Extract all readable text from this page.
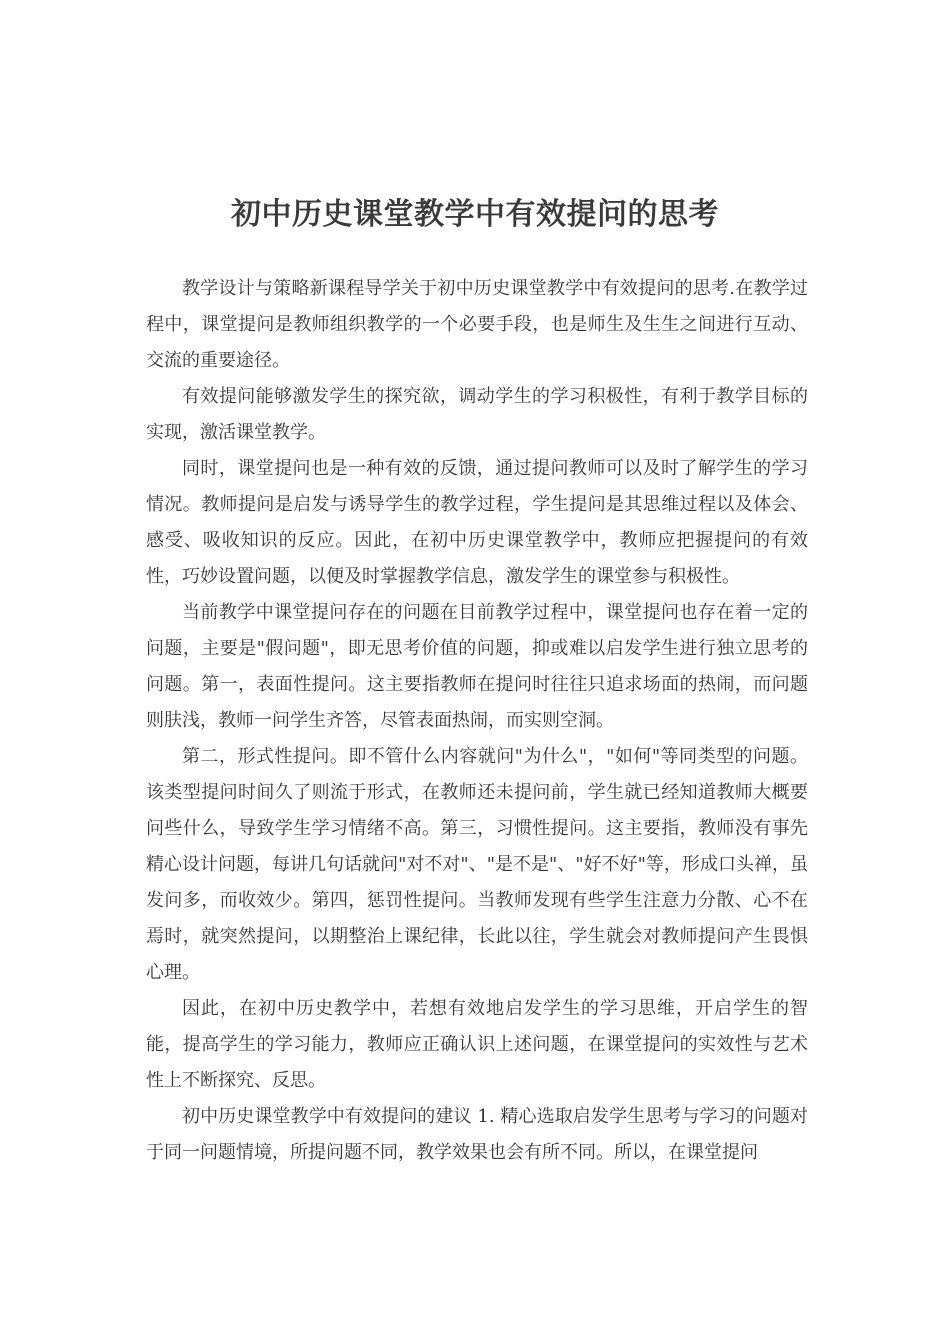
初中历史课堂教学中有效提问的思考

教学设计与策略新课程导学关于初中历史课堂教学中有效提问的思考.在教学过程中，课堂提问是教师组织教学的一个必要手段，也是师生及生生之间进行互动、交流的重要途径。

有效提问能够激发学生的探究欲，调动学生的学习积极性，有利于教学目标的实现，激活课堂教学。

同时，课堂提问也是一种有效的反馈，通过提问教师可以及时了解学生的学习情况。教师提问是启发与诱导学生的教学过程，学生提问是其思维过程以及体会、感受、吸收知识的反应。因此，在初中历史课堂教学中，教师应把握提问的有效性，巧妙设置问题，以便及时掌握教学信息，激发学生的课堂参与积极性。

当前教学中课堂提问存在的问题在目前教学过程中，课堂提问也存在着一定的问题，主要是"假问题"，即无思考价值的问题，抑或难以启发学生进行独立思考的问题。第一，表面性提问。这主要指教师在提问时往往只追求场面的热闹，而问题则肤浅，教师一问学生齐答，尽管表面热闹，而实则空洞。

第二，形式性提问。即不管什么内容就问"为什么"，"如何"等同类型的问题。该类型提问时间久了则流于形式，在教师还未提问前，学生就已经知道教师大概要问些什么，导致学生学习情绪不高。第三，习惯性提问。这主要指，教师没有事先精心设计问题，每讲几句话就问"对不对"、"是不是"、"好不好"等，形成口头禅，虽发问多，而收效少。第四，惩罚性提问。当教师发现有些学生注意力分散、心不在焉时，就突然提问，以期整治上课纪律，长此以往，学生就会对教师提问产生畏惧心理。

因此，在初中历史教学中，若想有效地启发学生的学习思维，开启学生的智能，提高学生的学习能力，教师应正确认识上述问题，在课堂提问的实效性与艺术性上不断探究、反思。

初中历史课堂教学中有效提问的建议 1. 精心选取启发学生思考与学习的问题对于同一问题情境，所提问题不同，教学效果也会有所不同。所以，在课堂提问
